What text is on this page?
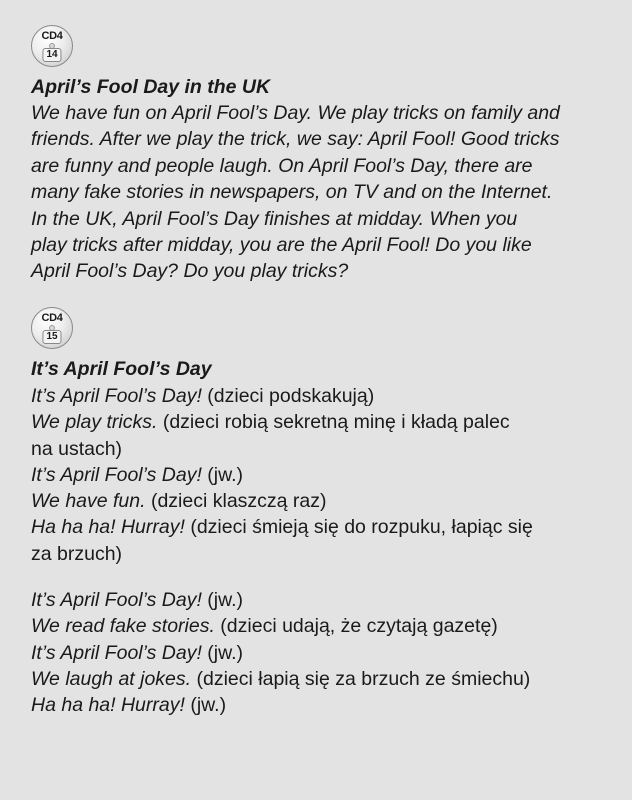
CD4
14
April’s Fool Day in the UK

We have fun on April Fool’s Day. We play tricks on family and
friends. After we play the trick, we say: April Fool! Good tricks
are funny and people laugh. On April Fool’s Day, there are
many fake stories in newspapers, on TV and on the Internet.
In the UK, April Fool’s Day finishes at midday. When you
play tricks after midday, you are the April Fool! Do you like
April Fool’s Day? Do you play tricks?

CD4
15
It’s April Fool’s Day
It’s April Fool’s Day! (dzieci podskakują)
We play tricks. (dzieci robią sekretną minę i kładą palec
na ustach)
It’s April Fool’s Day! (jw.)
We have fun. (dzieci klaszczą raz)
Ha ha ha! Hurray! (dzieci śmieją się do rozpuku, łapiąc się
za brzuch)
It’s April Fool’s Day! (jw.)
We read fake stories. (dzieci udają, że czytają gazetę)
It’s April Fool’s Day! (jw.)
We laugh at jokes. (dzieci łapią się za brzuch ze śmiechu)
Ha ha ha! Hurray! (jw.)
